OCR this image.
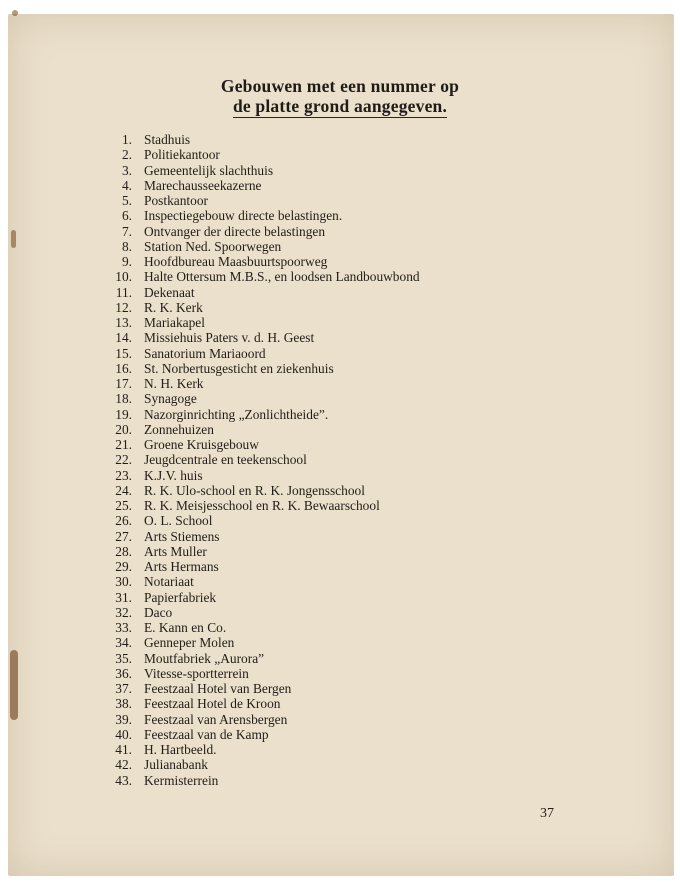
Gebouwen met een nummer op
de platte grond aangegeven.
1. Stadhuis
2. Politiekantoor
3. Gemeentelijk slachthuis
4. Marechausseekazerne
5. Postkantoor
6. Inspectiegebouw directe belastingen.
7. Ontvanger der directe belastingen
8. Station Ned. Spoorwegen
9. Hoofdbureau Maasbuurtspoorweg
10. Halte Ottersum M.B.S., en loodsen Landbouwbond
11. Dekenaat
12. R. K. Kerk
13. Mariakapel
14. Missiehuis Paters v. d. H. Geest
15. Sanatorium Mariaoord
16. St. Norbertusgesticht en ziekenhuis
17. N. H. Kerk
18. Synagoge
19. Nazorginrichting „Zonlichtheide”.
20. Zonnehuizen
21. Groene Kruisgebouw
22. Jeugdcentrale en teekenschool
23. K.J.V. huis
24. R. K. Ulo-school en R. K. Jongensschool
25. R. K. Meisjesschool en R. K. Bewaarschool
26. O. L. School
27. Arts Stiemens
28. Arts Muller
29. Arts Hermans
30. Notariaat
31. Papierfabriek
32. Daco
33. E. Kann en Co.
34. Genneper Molen
35. Moutfabriek „Aurora”
36. Vitesse-sportterrein
37. Feestzaal Hotel van Bergen
38. Feestzaal Hotel de Kroon
39. Feestzaal van Arensbergen
40. Feestzaal van de Kamp
41. H. Hartbeeld.
42. Julianabank
43. Kermisterrein
37
